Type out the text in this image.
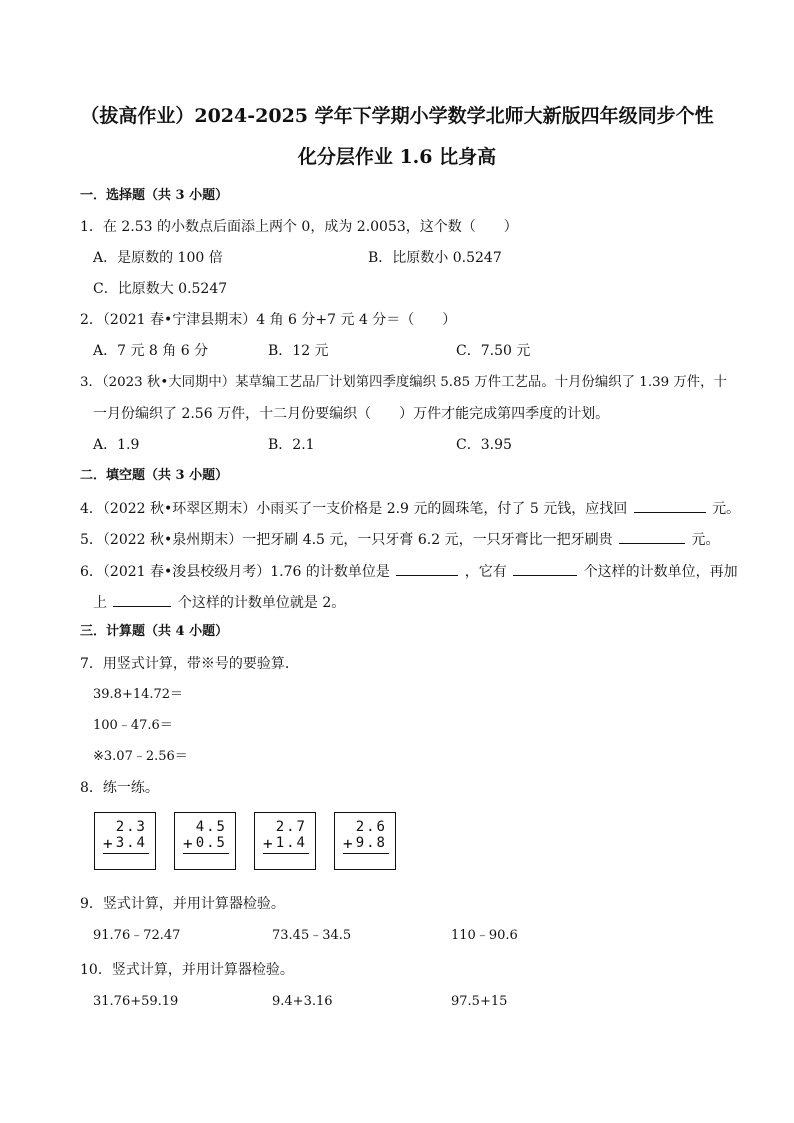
（拔高作业）2024-2025 学年下学期小学数学北师大新版四年级同步个性
化分层作业 1.6 比身高
一．选择题（共 3 小题）
1．在 2.53 的小数点后面添上两个 0，成为 2.0053，这个数（　　）
A．是原数的 100 倍	B．比原数小 0.5247
C．比原数大 0.5247
2．（2021 春•宁津县期末）4 角 6 分+7 元 4 分＝（　　）
A．7 元 8 角 6 分	B．12 元	C．7.50 元
3．（2023 秋•大同期中）某草编工艺品厂计划第四季度编织 5.85 万件工艺品。十月份编织了 1.39 万件，十
一月份编织了 2.56 万件，十二月份要编织（　　）万件才能完成第四季度的计划。
A．1.9	B．2.1	C．3.95
二．填空题（共 3 小题）
4．（2022 秋•环翠区期末）小雨买了一支价格是 2.9 元的圆珠笔，付了 5 元钱，应找回	元。
5．（2022 秋•泉州期末）一把牙刷 4.5 元，一只牙膏 6.2 元，一只牙膏比一把牙刷贵	元。
6．（2021 春•浚县校级月考）1.76 的计数单位是	，它有	个这样的计数单位，再加
上	个这样的计数单位就是 2。
三．计算题（共 4 小题）
7．用竖式计算，带※号的要验算．
39.8+14.72＝
100﹣47.6＝
※3.07﹣2.56＝
8．练一练。
2.3
+ 3.4
4.5
+ 0.5
2.7
+ 1.4
2.6
+ 9.8
9．竖式计算，并用计算器检验。
91.76﹣72.47	73.45﹣34.5	110﹣90.6
10．竖式计算，并用计算器检验。
31.76+59.19	9.4+3.16	97.5+15
